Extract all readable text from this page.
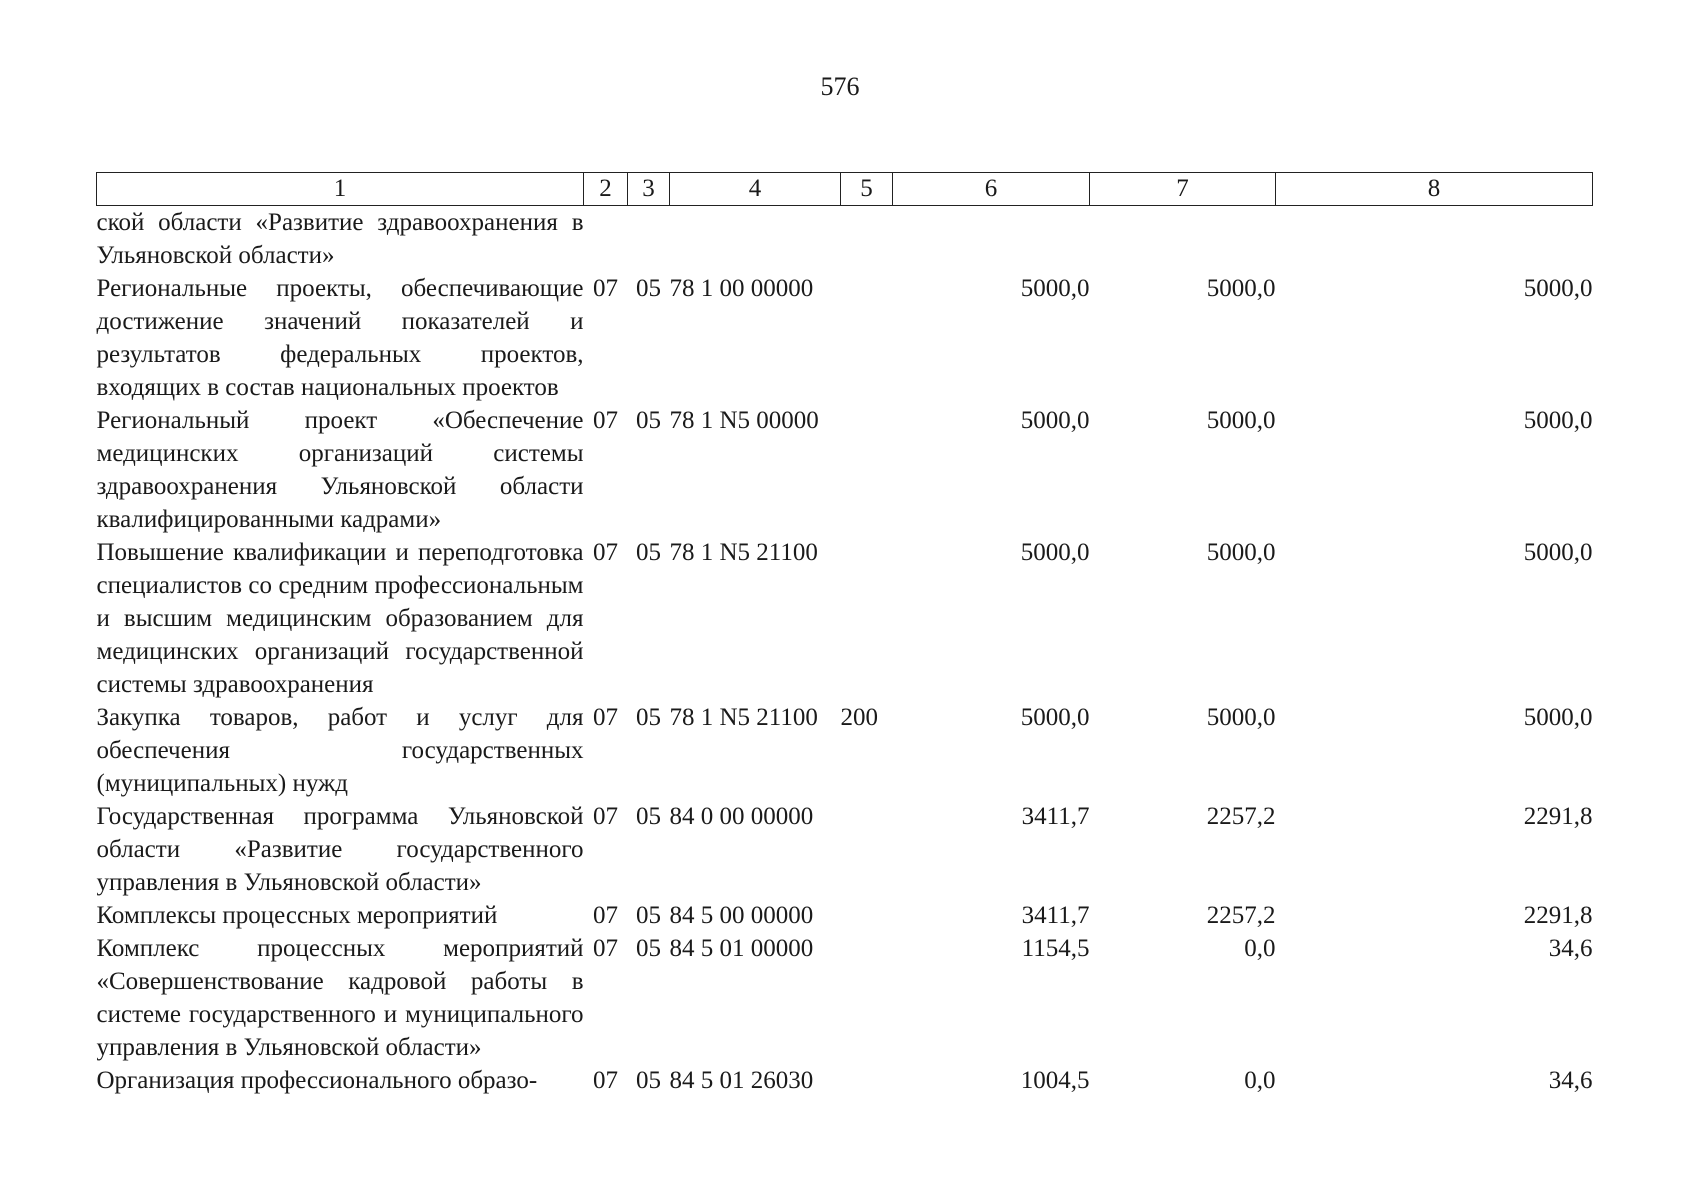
576
1	2	3	4	5	6	7	8
ской области «Развитие здравоохранения в Ульяновской области»							
Региональные проекты, обеспечивающие достижение значений показателей и результатов федеральных проектов, входящих в состав национальных проектов	07	05	78 1 00 00000		5000,0	5000,0	5000,0
Региональный проект «Обеспечение медицинских организаций системы здравоохранения Ульяновской области квалифицированными кадрами»	07	05	78 1 N5 00000		5000,0	5000,0	5000,0
Повышение квалификации и переподготовка специалистов со средним профессиональным и высшим медицинским образованием для медицинских организаций государственной системы здравоохранения	07	05	78 1 N5 21100		5000,0	5000,0	5000,0
Закупка товаров, работ и услуг для обеспечения государственных (муниципальных) нужд	07	05	78 1 N5 21100	200	5000,0	5000,0	5000,0
Государственная программа Ульяновской области «Развитие государственного управления в Ульяновской области»	07	05	84 0 00 00000		3411,7	2257,2	2291,8
Комплексы процессных мероприятий	07	05	84 5 00 00000		3411,7	2257,2	2291,8
Комплекс процессных мероприятий «Совершенствование кадровой работы в системе государственного и муниципального управления в Ульяновской области»	07	05	84 5 01 00000		1154,5	0,0	34,6
Организация профессионального образо-	07	05	84 5 01 26030		1004,5	0,0	34,6
